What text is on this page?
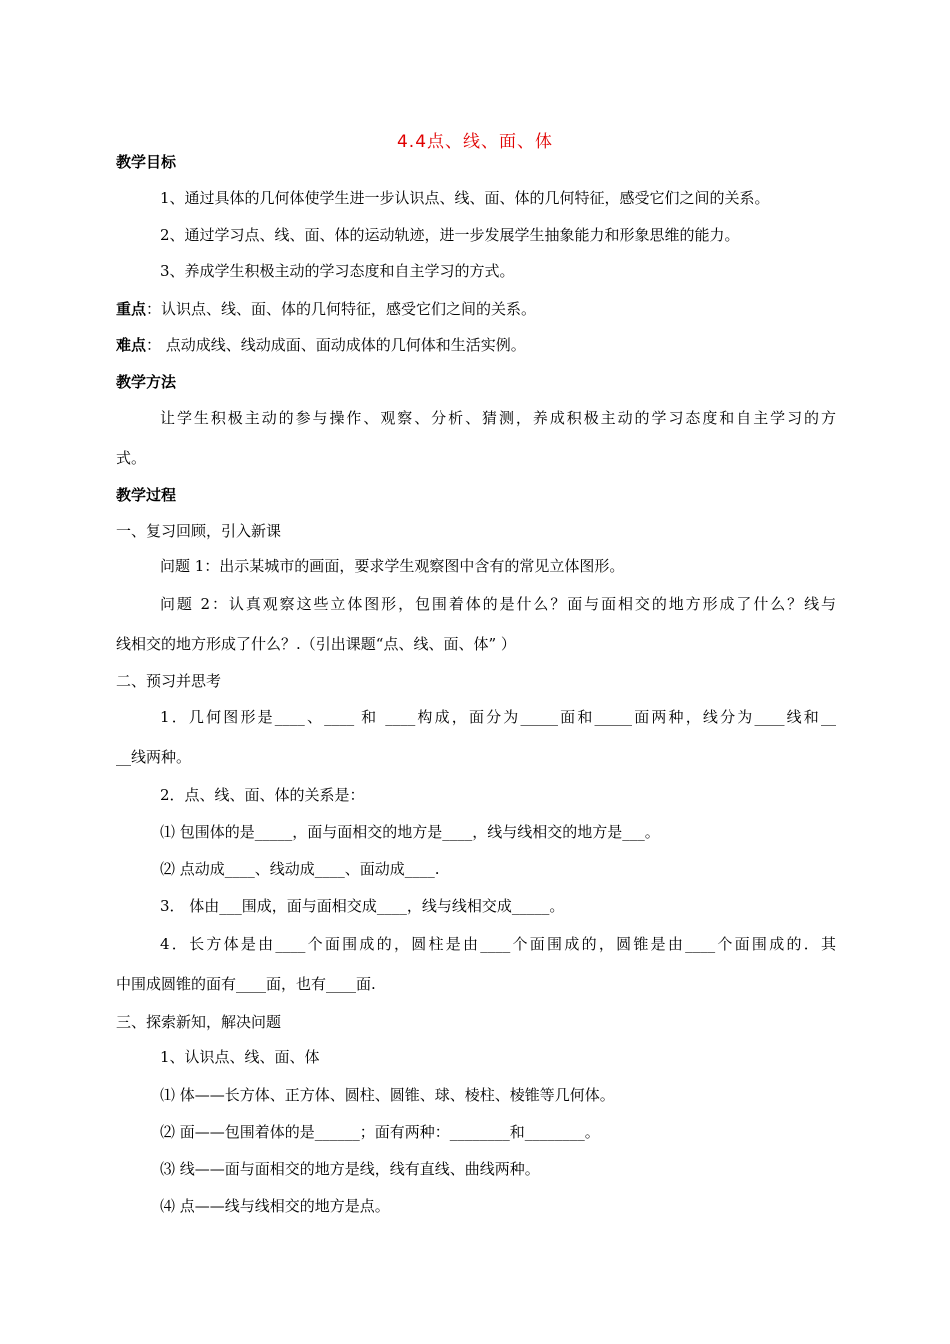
4.4点、线、面、体
教学目标
1、通过具体的几何体使学生进一步认识点、线、面、体的几何特征，感受它们之间的关系。
2、通过学习点、线、面、体的运动轨迹，进一步发展学生抽象能力和形象思维的能力。
3、养成学生积极主动的学习态度和自主学习的方式。
重点：认识点、线、面、体的几何特征，感受它们之间的关系。
难点： 点动成线、线动成面、面动成体的几何体和生活实例。
教学方法
让学生积极主动的参与操作、观察、分析、猜测，养成积极主动的学习态度和自主学习的方
式。
教学过程
一、复习回顾，引入新课
问题 1：出示某城市的画面，要求学生观察图中含有的常见立体图形。
问题 2：认真观察这些立体图形，包围着体的是什么？面与面相交的地方形成了什么？线与
线相交的地方形成了什么？.（引出课题“点、线、面、体” ）
二、预习并思考
1．几何图形是____、____ 和 ____构成，面分为_____面和_____面两种，线分为____线和__
__线两种。
2．点、线、面、体的关系是：
⑴ 包围体的是_____，面与面相交的地方是____，线与线相交的地方是___。
⑵ 点动成____、线动成____、面动成____.
3． 体由___围成，面与面相交成____，线与线相交成_____。
4．长方体是由____个面围成的，圆柱是由____个面围成的，圆锥是由____个面围成的．其
中围成圆锥的面有____面，也有____面.
三、探索新知，解决问题
1、认识点、线、面、体
⑴ 体——长方体、正方体、圆柱、圆锥、球、棱柱、棱锥等几何体。
⑵ 面——包围着体的是______；面有两种：________和________。
⑶ 线——面与面相交的地方是线，线有直线、曲线两种。
⑷ 点——线与线相交的地方是点。
